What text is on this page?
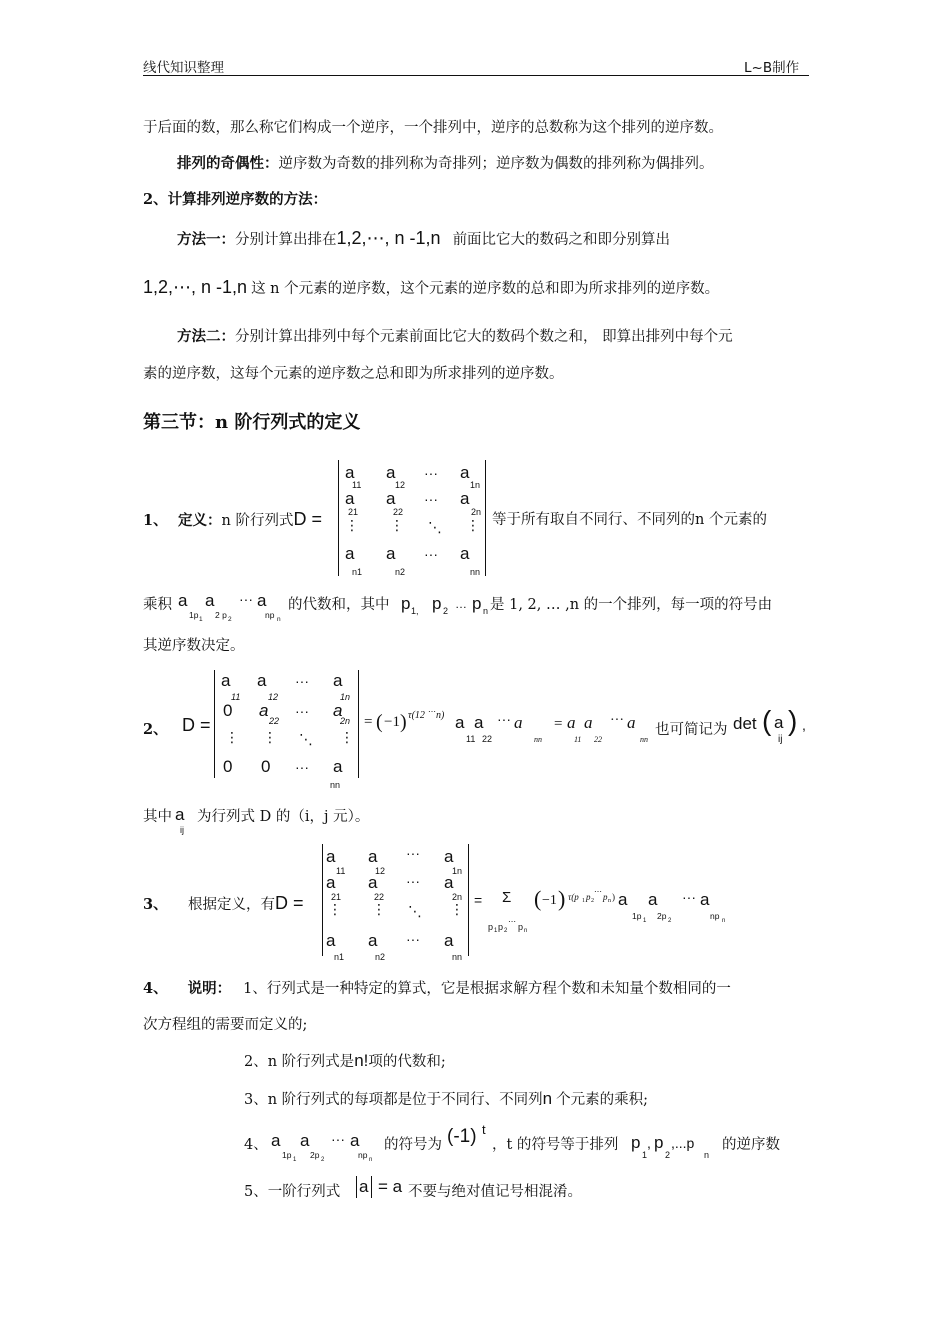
线代知识整理	L~B制作
于后面的数，那么称它们构成一个逆序，一个排列中，逆序的总数称为这个排列的逆序数。
排列的奇偶性：逆序数为奇数的排列称为奇排列；逆序数为偶数的排列称为偶排列。
2、计算排列逆序数的方法：
方法一：分别计算出排在1,2,⋯, n -1,n 前面比它大的数码之和即分别算出
1,2,⋯, n -1,n 这 n 个元素的逆序数，这个元素的逆序数的总和即为所求排列的逆序数。
方法二：分别计算出排列中每个元素前面比它大的数码个数之和， 即算出排列中每个元
素的逆序数，这每个元素的逆序数之总和即为所求排列的逆序数。
第三节：n 阶行列式的定义
1、 定义：n 阶行列式D =
a
11
a
12
··· a
1n
a
21
a
22
··· a
2n
⋮ ⋮ ⋱ ⋮
a
n1
a
n2
··· a
nn
等于所有取自不同行、不同列的n 个元素的
乘积 a
1p 1
a
2 p 2
··· a
np n
的代数和，其中 p 1, p 2 … p n 是 1, 2, … ,n 的一个排列，每一项的符号由
其逆序数决定。
2、 D =
a
11
a
12
··· a
1n
0 a
22
··· a
2n
⋮ ⋮ ⋱ ⋮
0 0 ··· a
nn
= ( −1 ) τ(12 ⋯ n) a
11
a
22
··· a
nn
= a
11
a
22
··· a
nn
也可简记为 det ( a
ij
) ,
其中 a
ij
为行列式 D 的（i，j 元）。
3、 根据定义，有D =
a
11
a
12
··· a
1n
a
21
a
22
··· a
2n
⋮ ⋮ ⋱ ⋮
a
n1
a
n2
··· a
nn
= Σ
p 1 p 2
⋯
p n
( −1 ) τ(p 1 p 2
⋯
p n ) a
1p 1
a
2p 2
··· a
np n
4、 说明： 1、行列式是一种特定的算式，它是根据求解方程个数和未知量个数相同的一
次方程组的需要而定义的;
2、n 阶行列式是n!项的代数和;
3、n 阶行列式的每项都是位于不同行、不同列n 个元素的乘积;
4、 a
1p 1
a
2p 2
··· a
np n
的符号为 (-1) t
，t 的符号等于排列 p
1
, p
2
,...p
n
的逆序数
5、一阶行列式 a = a 不要与绝对值记号相混淆。
